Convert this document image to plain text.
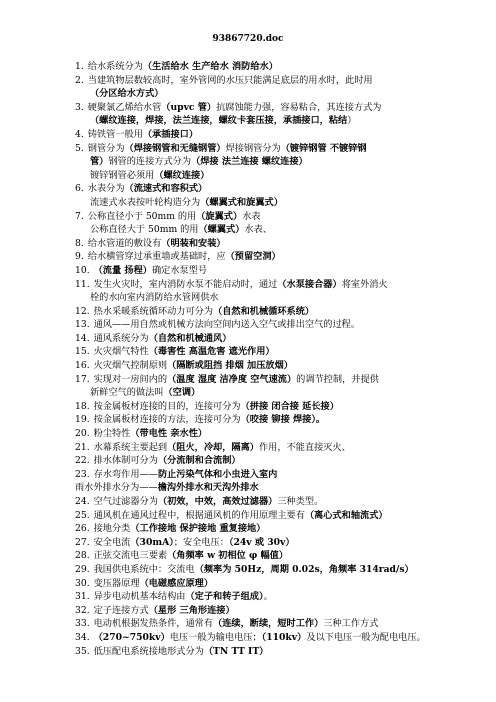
93867720.doc
1. 给水系统分为（生活给水 生产给水 消防给水）
2. 当建筑物层数较高时，室外管网的水压只能满足底层的用水时，此时用
（分区给水方式）
3. 硬聚氯乙烯给水管（upvc 管）抗腐蚀能力强，容易粘合，其连接方式为
（螺纹连接，焊接，法兰连接，螺纹卡套压接，承插接口，粘结）
4. 铸铁管一般用（承插接口）
5. 钢管分为（焊接钢管和无缝钢管）焊接钢管分为（镀锌钢管 不镀锌钢
管）钢管的连接方式分为（焊接 法兰连接 螺纹连接）
镀锌钢管必须用（螺纹连接）
6. 水表分为（流速式和容积式）
流速式水表按叶轮构造分为（螺翼式和旋翼式）
7. 公称直径小于 50mm 的用（旋翼式）水表
公称直径大于 50mm 的用（螺翼式）水表、
8. 给水管道的敷设有（明装和安装）
9. 给水横管穿过承重墙或基础时，应（预留空洞）
10. （流量 扬程）确定水泵型号
11. 发生火灾时，室内消防水泵不能启动时，通过（水泵接合器）将室外消火
栓的水向室内消防给水管网供水
12. 热水采暖系统循环动力可分为（自然和机械循环系统）
13. 通风——用自然或机械方法向空间内送入空气或排出空气的过程。
14. 通风系统分为（自然和机械通风）
15. 火灾烟气特性（毒害性 高温危害 遮光作用）
16. 火灾烟气控制原则（隔断或阻挡 排烟 加压放烟）
17. 实现对一房间内的（温度 湿度 洁净度 空气速流）的调节控制，并提供
新鲜空气的做法叫（空调）
18. 按金属板材连接的目的，连接可分为（拼接 闭合接 延长接）
19. 按金属板材连接的方法，连接可分为（咬接 铆接 焊接）。
20. 粉尘特性（带电性 亲水性）
21. 水幕系统主要起到（阻火，冷却，隔离）作用，不能直接灭火、
22. 排水体制可分为（分流制和合流制）
23. 存水弯作用——防止污染气体和小虫进入室内
雨水外排水分为——檐沟外排水和天沟外排水
24. 空气过滤器分为（初效，中效，高效过滤器）三种类型。
25. 通风机在通风过程中，根据通风机的作用原理主要有（离心式和轴流式）
26. 接地分类（工作接地 保护接地 重复接地）
27. 安全电流（30mA）；安全电压：（24v 或 30v）
28. 正弦交流电三要素（角频率 w 初相位 φ 幅值）
29. 我国供电系统中：交流电（频率为 50Hz，周期 0.02s，角频率 314rad/s）
30. 变压器原理（电磁感应原理）
31. 异步电动机基本结构由（定子和转子组成）。
32. 定子连接方式（星形 三角形连接）
33. 电动机根据发热条件，通常有（连续，断续，短时工作）三种工作方式
34. （270~750kv）电压一般为输电电压；（110kv）及以下电压一般为配电电压。
35. 低压配电系统接地形式分为（TN TT IT）
